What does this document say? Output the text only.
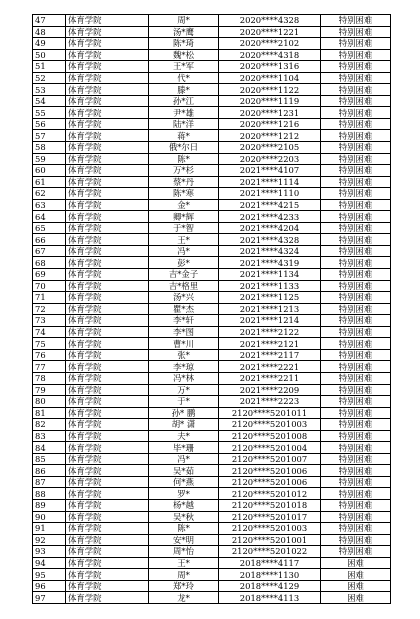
47	体育学院	周*	2020****4328	特别困难
48	体育学院	汤*鹰	2020****1221	特别困难
49	体育学院	陈*琦	2020****2102	特别困难
50	体育学院	魏*松	2020****4318	特别困难
51	体育学院	王*军	2020****1316	特别困难
52	体育学院	代*	2020****1104	特别困难
53	体育学院	滕*	2020****1122	特别困难
54	体育学院	孙*江	2020****1119	特别困难
55	体育学院	尹*雄	2020****1231	特别困难
56	体育学院	陆*洋	2020****1216	特别困难
57	体育学院	蒋*	2020****1212	特别困难
58	体育学院	俄*尔日	2020****2105	特别困难
59	体育学院	陈*	2020****2203	特别困难
60	体育学院	万*杉	2021****4107	特别困难
61	体育学院	蔡*丹	2021****1114	特别困难
62	体育学院	陈*寒	2021****1110	特别困难
63	体育学院	金*	2021****4215	特别困难
64	体育学院	卿*辉	2021****4233	特别困难
65	体育学院	于*智	2021****4204	特别困难
66	体育学院	王*	2021****4328	特别困难
67	体育学院	冯*	2021****4324	特别困难
68	体育学院	彭*	2021****4319	特别困难
69	体育学院	吉*金子	2021****1134	特别困难
70	体育学院	吉*格里	2021****1133	特别困难
71	体育学院	汤*兴	2021****1125	特别困难
72	体育学院	瞿*杰	2021****1213	特别困难
73	体育学院	李*轩	2021****1214	特别困难
74	体育学院	李*图	2021****2122	特别困难
75	体育学院	曹*川	2021****2121	特别困难
76	体育学院	张*	2021****2117	特别困难
77	体育学院	李*琼	2021****2221	特别困难
78	体育学院	冯*林	2021****2211	特别困难
79	体育学院	万*	2021****2209	特别困难
80	体育学院	于*	2021****2223	特别困难
81	体育学院	孙* 鹏	2120****5201011	特别困难
82	体育学院	胡* 潇	2120****5201003	特别困难
83	体育学院	夫*	2120****5201008	特别困难
84	体育学院	毕*珊	2120****5201004	特别困难
85	体育学院	冯*	2120****5201007	特别困难
86	体育学院	吴*茹	2120****5201006	特别困难
87	体育学院	何*燕	2120****5201006	特别困难
88	体育学院	罗*	2120****5201012	特别困难
89	体育学院	杨*越	2120****5201018	特别困难
90	体育学院	吴*秋	2120****5201017	特别困难
91	体育学院	陈*	2120****5201003	特别困难
92	体育学院	安*明	2120****5201001	特别困难
93	体育学院	周*怡	2120****5201022	特别困难
94	体育学院	王*	2018****4117	困难
95	体育学院	周*	2018****1130	困难
96	体育学院	郑*玲	2018****4129	困难
97	体育学院	龙*	2018****4113	困难
